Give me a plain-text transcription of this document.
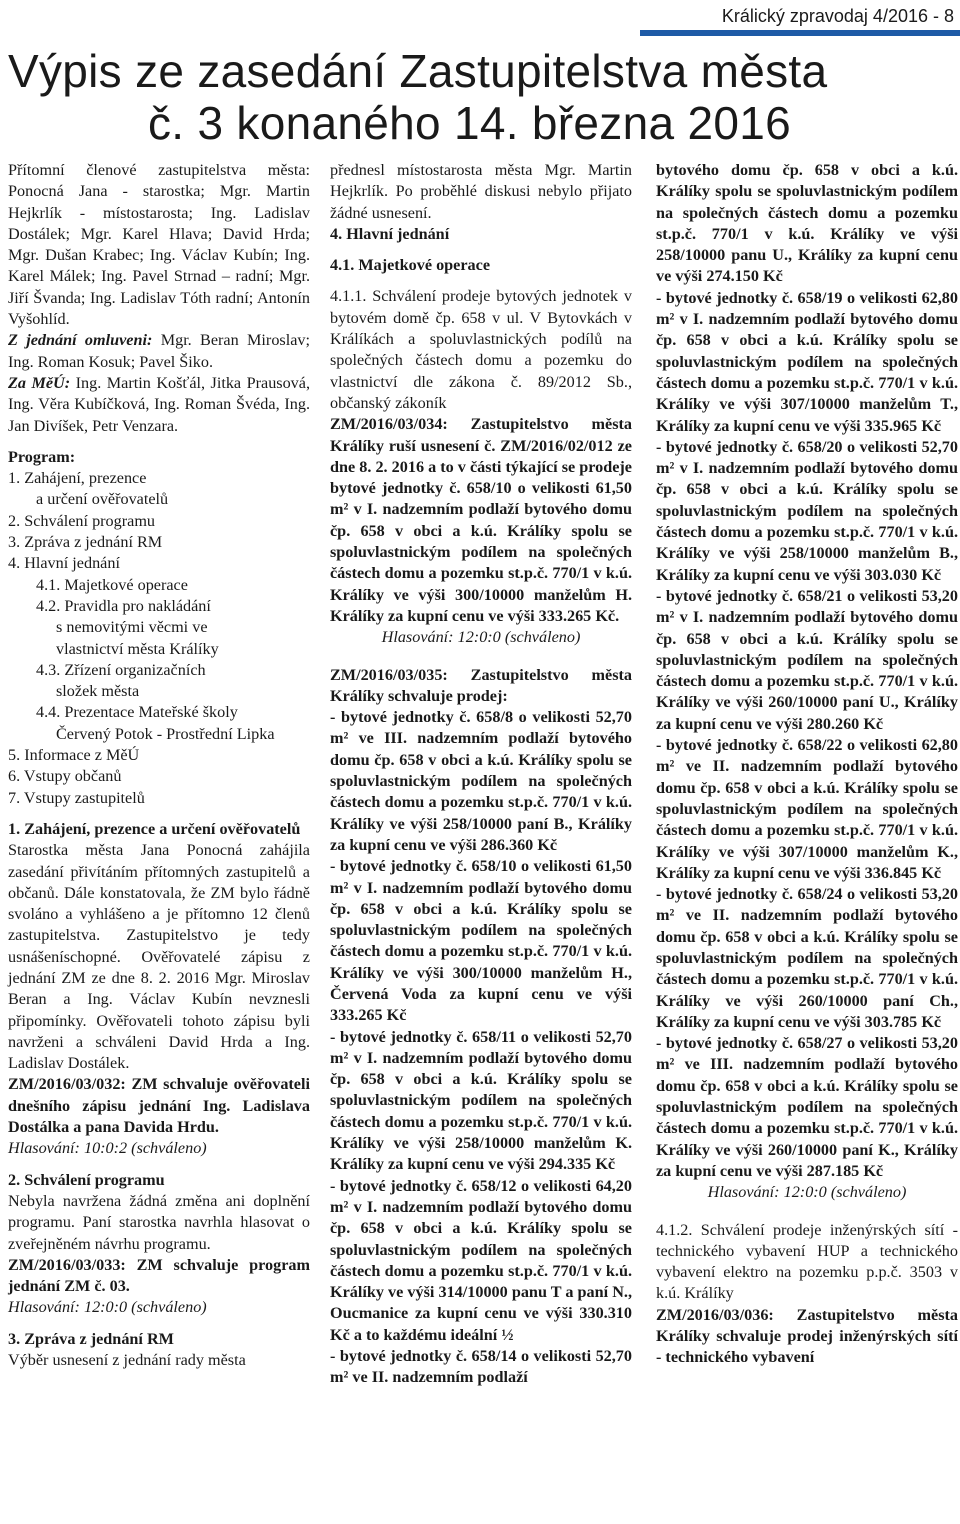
Králický zpravodaj 4/2016 - 8
Výpis ze zasedání Zastupitelstva města
č. 3 konaného 14. března 2016

Přítomní členové zastupitelstva města: Ponocná Jana - starostka; Mgr. Martin Hejkrlík - místostarosta; Ing. Ladislav Dostálek; Mgr. Karel Hlava; David Hrda; Mgr. Dušan Krabec; Ing. Václav Kubín; Ing. Karel Málek; Ing. Pavel Strnad – radní; Mgr. Jiří Švanda; Ing. Ladislav Tóth radní; Antonín Vyšohlíd.

Z jednání omluveni: Mgr. Beran Miroslav; Ing. Roman Kosuk; Pavel Šiko.

Za MěÚ: Ing. Martin Košťál, Jitka Prausová, Ing. Věra Kubíčková, Ing. Roman Švéda, Ing. Jan Divíšek, Petr Venzara.

Program:

1. Zahájení, prezence

a určení ověřovatelů

2. Schválení programu

3. Zpráva z jednání RM

4. Hlavní jednání

4.1. Majetkové operace

4.2. Pravidla pro nakládání

s nemovitými věcmi ve

vlastnictví města Králíky

4.3. Zřízení organizačních

složek města

4.4. Prezentace Mateřské školy

Červený Potok - Prostřední Lipka

5. Informace z MěÚ

6. Vstupy občanů

7. Vstupy zastupitelů

1. Zahájení, prezence a určení ověřovatelů

Starostka města Jana Ponocná zahájila zasedání přivítáním přítomných zastupitelů a občanů. Dále konstatovala, že ZM bylo řádně svoláno a vyhlášeno a je přítomno 12 členů zastupitelstva. Zastupitelstvo je tedy usnášeníschopné. Ověřovatelé zápisu z jednání ZM ze dne 8. 2. 2016 Mgr. Miroslav Beran a Ing. Václav Kubín nevznesli připomínky. Ověřovateli tohoto zápisu byli navrženi a schváleni David Hrda a Ing. Ladislav Dostálek.

ZM/2016/03/032: ZM schvaluje ověřovateli dnešního zápisu jednání Ing. Ladislava Dostálka a pana Davida Hrdu.

Hlasování: 10:0:2 (schváleno)

2. Schválení programu

Nebyla navržena žádná změna ani doplnění programu. Paní starostka navrhla hlasovat o zveřejněném návrhu programu.

ZM/2016/03/033: ZM schvaluje program jednání ZM č. 03.

Hlasování: 12:0:0 (schváleno)

3. Zpráva z jednání RM

Výběr usnesení z jednání rady města

přednesl místostarosta města Mgr. Martin Hejkrlík. Po proběhlé diskusi nebylo přijato žádné usnesení.

4. Hlavní jednání

4.1. Majetkové operace

4.1.1. Schválení prodeje bytových jednotek v bytovém domě čp. 658 v ul. V Bytovkách v Králíkách a spoluvlastnických podílů na společných částech domu a pozemku do vlastnictví dle zákona č. 89/2012 Sb., občanský zákoník

ZM/2016/03/034: Zastupitelstvo města Králíky ruší usnesení č. ZM/2016/02/012 ze dne 8. 2. 2016 a to v části týkající se prodeje bytové jednotky č. 658/10 o velikosti 61,50 m² v I. nadzemním podlaží bytového domu čp. 658 v obci a k.ú. Králíky spolu se spoluvlastnickým podílem na společných částech domu a pozemku st.p.č. 770/1 v k.ú. Králíky ve výši 300/10000 manželům H. Králíky za kupní cenu ve výši 333.265 Kč.

Hlasování: 12:0:0 (schváleno)

ZM/2016/03/035: Zastupitelstvo města Králíky schvaluje prodej:

- bytové jednotky č. 658/8 o velikosti 52,70 m² ve III. nadzemním podlaží bytového domu čp. 658 v obci a k.ú. Králíky spolu se spoluvlastnickým podílem na společných částech domu a pozemku st.p.č. 770/1 v k.ú. Králíky ve výši 258/10000 paní B., Králíky za kupní cenu ve výši 286.360 Kč

- bytové jednotky č. 658/10 o velikosti 61,50 m² v I. nadzemním podlaží bytového domu čp. 658 v obci a k.ú. Králíky spolu se spoluvlastnickým podílem na společných částech domu a pozemku st.p.č. 770/1 v k.ú. Králíky ve výši 300/10000 manželům H., Červená Voda za kupní cenu ve výši 333.265 Kč

- bytové jednotky č. 658/11 o velikosti 52,70 m² v I. nadzemním podlaží bytového domu čp. 658 v obci a k.ú. Králíky spolu se spoluvlastnickým podílem na společných částech domu a pozemku st.p.č. 770/1 v k.ú. Králíky ve výši 258/10000 manželům K. Králíky za kupní cenu ve výši 294.335 Kč

- bytové jednotky č. 658/12 o velikosti 64,20 m² v I. nadzemním podlaží bytového domu čp. 658 v obci a k.ú. Králíky spolu se spoluvlastnickým podílem na společných částech domu a pozemku st.p.č. 770/1 v k.ú. Králíky ve výši 314/10000 panu T a paní N., Oucmanice za kupní cenu ve výši 330.310 Kč a to každému ideální ½

- bytové jednotky č. 658/14 o velikosti 52,70 m² ve II. nadzemním podlaží

bytového domu čp. 658 v obci a k.ú. Králíky spolu se spoluvlastnickým podílem na společných částech domu a pozemku st.p.č. 770/1 v k.ú. Králíky ve výši 258/10000 panu U., Králíky za kupní cenu ve výši 274.150 Kč

- bytové jednotky č. 658/19 o velikosti 62,80 m² v I. nadzemním podlaží bytového domu čp. 658 v obci a k.ú. Králíky spolu se spoluvlastnickým podílem na společných částech domu a pozemku st.p.č. 770/1 v k.ú. Králíky ve výši 307/10000 manželům T., Králíky za kupní cenu ve výši 335.965 Kč

- bytové jednotky č. 658/20 o velikosti 52,70 m² v I. nadzemním podlaží bytového domu čp. 658 v obci a k.ú. Králíky spolu se spoluvlastnickým podílem na společných částech domu a pozemku st.p.č. 770/1 v k.ú. Králíky ve výši 258/10000 manželům B., Králíky za kupní cenu ve výši 303.030 Kč

- bytové jednotky č. 658/21 o velikosti 53,20 m² v I. nadzemním podlaží bytového domu čp. 658 v obci a k.ú. Králíky spolu se spoluvlastnickým podílem na společných částech domu a pozemku st.p.č. 770/1 v k.ú. Králíky ve výši 260/10000 paní U., Králíky za kupní cenu ve výši 280.260 Kč

- bytové jednotky č. 658/22 o velikosti 62,80 m² ve II. nadzemním podlaží bytového domu čp. 658 v obci a k.ú. Králíky spolu se spoluvlastnickým podílem na společných částech domu a pozemku st.p.č. 770/1 v k.ú. Králíky ve výši 307/10000 manželům K., Králíky za kupní cenu ve výši 336.845 Kč

- bytové jednotky č. 658/24 o velikosti 53,20 m² ve II. nadzemním podlaží bytového domu čp. 658 v obci a k.ú. Králíky spolu se spoluvlastnickým podílem na společných částech domu a pozemku st.p.č. 770/1 v k.ú. Králíky ve výši 260/10000 paní Ch., Králíky za kupní cenu ve výši 303.785 Kč

- bytové jednotky č. 658/27 o velikosti 53,20 m² ve III. nadzemním podlaží bytového domu čp. 658 v obci a k.ú. Králíky spolu se spoluvlastnickým podílem na společných částech domu a pozemku st.p.č. 770/1 v k.ú. Králíky ve výši 260/10000 paní K., Králíky za kupní cenu ve výši 287.185 Kč

Hlasování: 12:0:0 (schváleno)

4.1.2. Schválení prodeje inženýrských sítí - technického vybavení HUP a technického vybavení elektro na pozemku p.p.č. 3503 v k.ú. Králíky

ZM/2016/03/036: Zastupitelstvo města Králíky schvaluje prodej inženýrských sítí - technického vybavení
